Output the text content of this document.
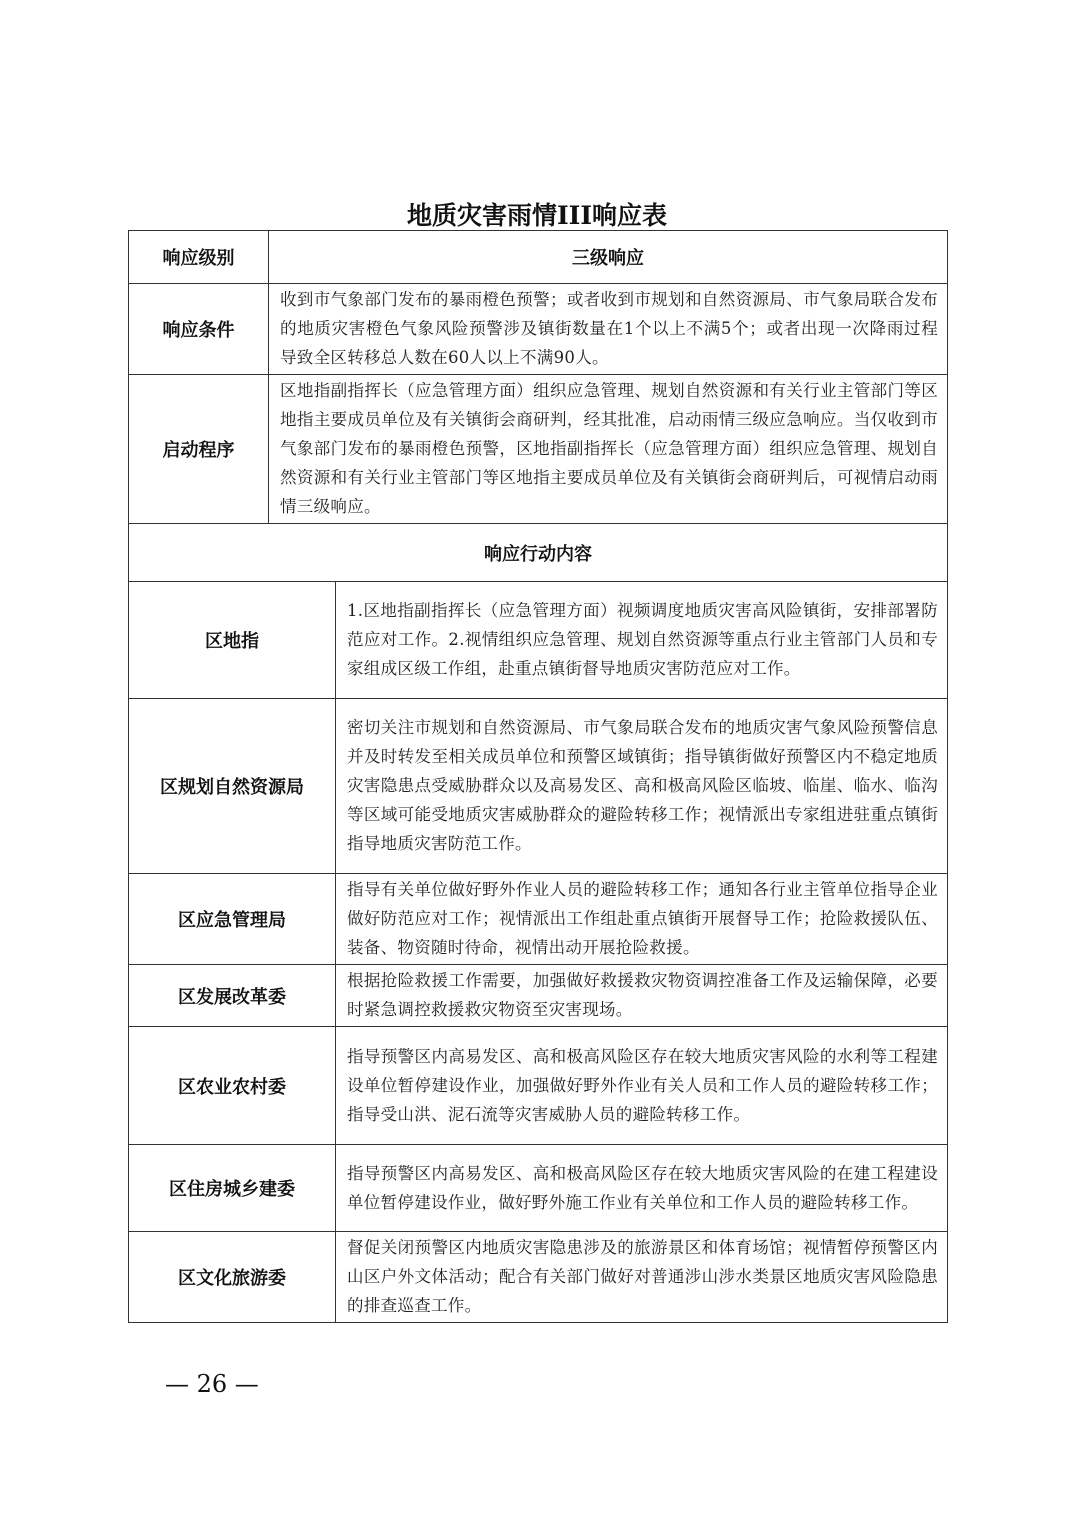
地质灾害雨情III响应表
响应级别	三级响应	
响应条件	收到市气象部门发布的暴雨橙色预警；或者收到市规划和自然资源局、市气象局联合发布的地质灾害橙色气象风险预警涉及镇街数量在1个以上不满5个；或者出现一次降雨过程导致全区转移总人数在60人以上不满90人。	
启动程序	区地指副指挥长（应急管理方面）组织应急管理、规划自然资源和有关行业主管部门等区地指主要成员单位及有关镇街会商研判，经其批准，启动雨情三级应急响应。当仅收到市气象部门发布的暴雨橙色预警，区地指副指挥长（应急管理方面）组织应急管理、规划自然资源和有关行业主管部门等区地指主要成员单位及有关镇街会商研判后，可视情启动雨情三级响应。	
响应行动内容		
区地指		1.区地指副指挥长（应急管理方面）视频调度地质灾害高风险镇街，安排部署防范应对工作。2.视情组织应急管理、规划自然资源等重点行业主管部门人员和专家组成区级工作组，赴重点镇街督导地质灾害防范应对工作。
区规划自然资源局		密切关注市规划和自然资源局、市气象局联合发布的地质灾害气象风险预警信息并及时转发至相关成员单位和预警区域镇街；指导镇街做好预警区内不稳定地质灾害隐患点受威胁群众以及高易发区、高和极高风险区临坡、临崖、临水、临沟等区域可能受地质灾害威胁群众的避险转移工作；视情派出专家组进驻重点镇街指导地质灾害防范工作。
区应急管理局		指导有关单位做好野外作业人员的避险转移工作；通知各行业主管单位指导企业做好防范应对工作；视情派出工作组赴重点镇街开展督导工作；抢险救援队伍、装备、物资随时待命，视情出动开展抢险救援。
区发展改革委		根据抢险救援工作需要，加强做好救援救灾物资调控准备工作及运输保障，必要时紧急调控救援救灾物资至灾害现场。
区农业农村委		指导预警区内高易发区、高和极高风险区存在较大地质灾害风险的水利等工程建设单位暂停建设作业，加强做好野外作业有关人员和工作人员的避险转移工作；指导受山洪、泥石流等灾害威胁人员的避险转移工作。
区住房城乡建委		指导预警区内高易发区、高和极高风险区存在较大地质灾害风险的在建工程建设单位暂停建设作业，做好野外施工作业有关单位和工作人员的避险转移工作。
区文化旅游委		督促关闭预警区内地质灾害隐患涉及的旅游景区和体育场馆；视情暂停预警区内山区户外文体活动；配合有关部门做好对普通涉山涉水类景区地质灾害风险隐患的排查巡查工作。
— 26 —
